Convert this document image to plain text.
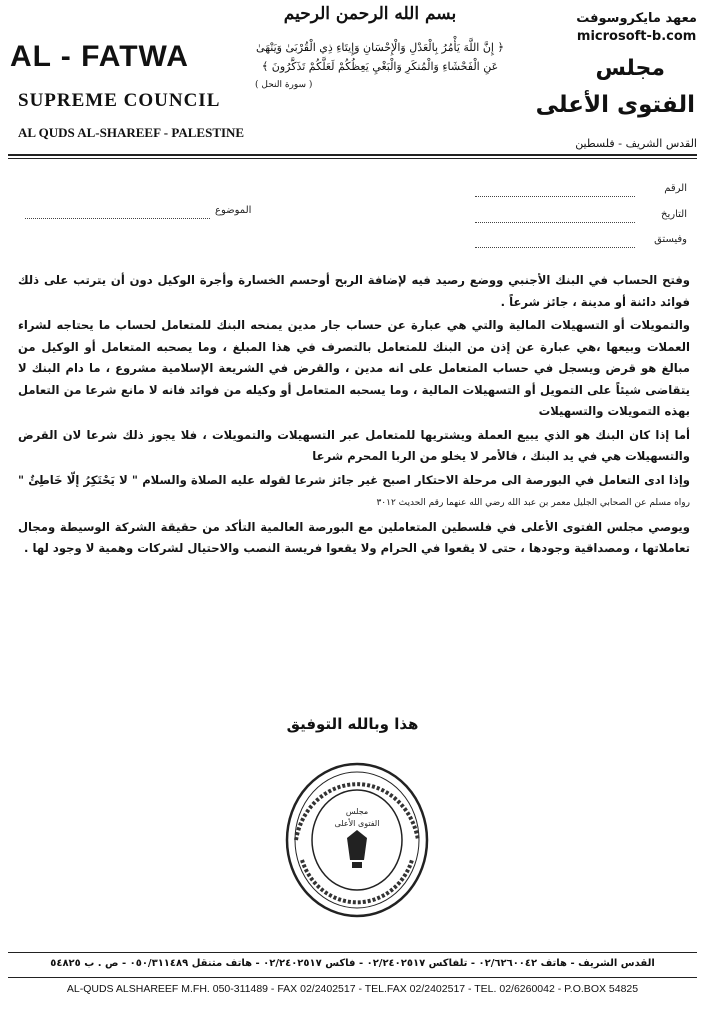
بسم الله الرحمن الرحيم	معهد مايكروسوفت
microsoft-b.com
AL - FATWA
SUPREME COUNCIL
AL QUDS AL-SHAREEF - PALESTINE
﴿ إِنَّ اللَّهَ يَأْمُرُ بِالْعَدْلِ وَالْإِحْسَانِ وَإِيتَاءِ ذِي الْقُرْبَىٰ وَيَنْهَىٰ عَنِ الْفَحْشَاءِ وَالْمُنكَرِ وَالْبَغْيِ يَعِظُكُمْ لَعَلَّكُمْ تَذَكَّرُونَ ﴾
( سورة النحل )
مجلس
الفتوى الأعلى
القدس الشريف - فلسطين
الرقم
التاريخ
وفيستق
الموضوع

وفتح الحساب في البنك الأجنبي ووضع رصيد فيه لإضافة الربح أوحسم الخسارة وأجرة الوكيل دون أن يترتب على ذلك فوائد دائنة أو مدينة ، جائز شرعاً .

والتمويلات أو التسهيلات المالية والتي هي عبارة عن حساب جار مدين يمنحه البنك للمتعامل لحساب ما يحتاجه لشراء العملات وبيعها ،هي عبارة عن إذن من البنك للمتعامل بالتصرف في هذا المبلغ ، وما يصحبه المتعامل أو الوكيل من مبالغ هو قرض ويسجل في حساب المتعامل على انه مدين ، والقرض في الشريعة الإسلامية مشروع ، ما دام البنك لا يتقاضى شيئاً على التمويل أو التسهيلات المالية ، وما يسحبه المتعامل أو وكيله من فوائد فانه لا مانع شرعا من التعامل بهذه التمويلات والتسهيلات

أما إذا كان البنك هو الذي يبيع العملة ويشتريها للمتعامل عبر التسهيلات والتمويلات ، فلا يجوز ذلك شرعا لان القرض والتسهيلات هي في يد البنك ، فالأمر لا يخلو من الربا المحرم شرعا

وإذا ادى التعامل في البورصة الى مرحلة الاحتكار اصبح غير جائز شرعا لقوله عليه الصلاة والسلام " لا يَحْتَكِرُ إلّا خَاطِئٌ " رواه مسلم عن الصحابي الجليل معمر بن عبد الله رضي الله عنهما رقم الحديث ٣٠١٢

ويوصي مجلس الفتوى الأعلى في فلسطين المتعاملين مع البورصة العالمية التأكد من حقيقة الشركة الوسيطة ومجال تعاملاتها ، ومصداقية وجودها ، حتى لا يقعوا في الحرام ولا يقعوا فريسة النصب والاحتيال لشركات وهمية لا وجود لها .

هذا وبالله التوفيق
مجلس
الفتوى الأعلى
القدس الشريف - هاتف ٠٢/٦٢٦٠٠٤٢ - تلفاكس ٠٢/٢٤٠٢٥١٧ - فاكس ٠٢/٢٤٠٢٥١٧ - هاتف متنقل ٠٥٠/٣١١٤٨٩ - ص . ب ٥٤٨٢٥
AL-QUDS ALSHAREEF M.FH. 050-311489 - FAX 02/2402517 - TEL.FAX 02/2402517 - TEL. 02/6260042 - P.O.BOX 54825
